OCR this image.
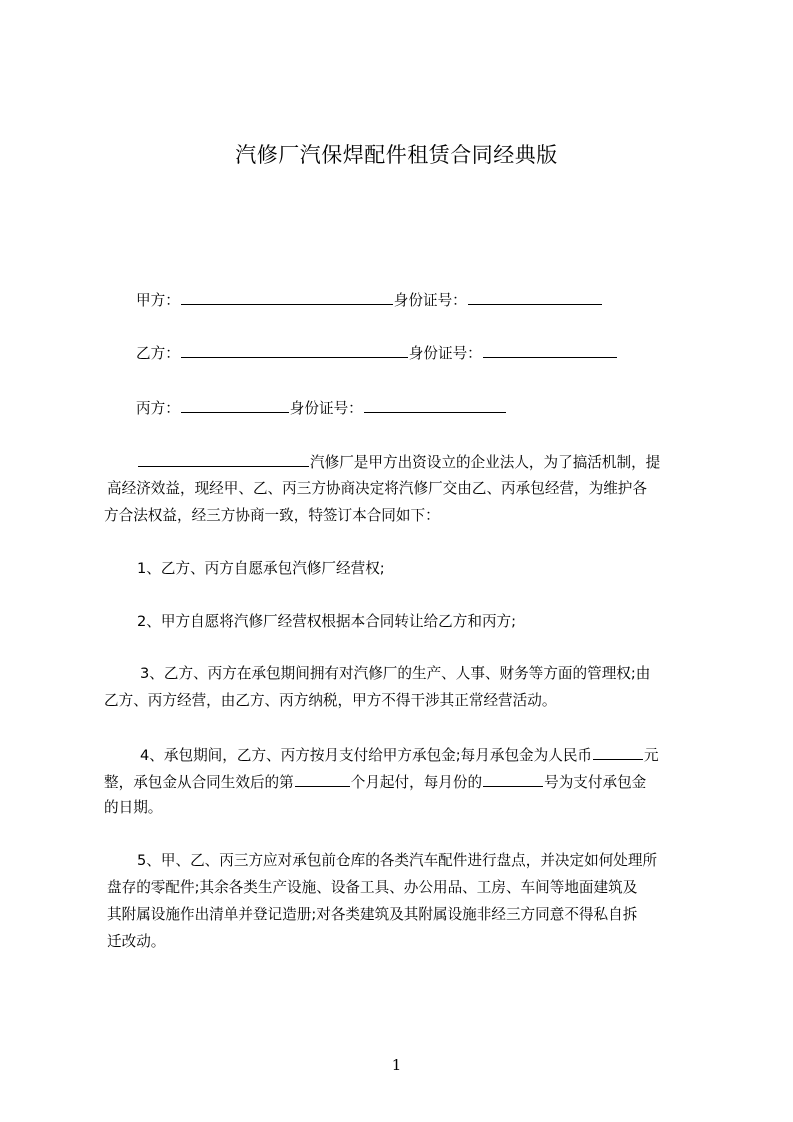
汽修厂汽保焊配件租赁合同经典版
甲方：	身份证号：
乙方：	身份证号：
丙方：	身份证号：
汽修厂是甲方出资设立的企业法人，为了搞活机制，提
高经济效益，现经甲、乙、丙三方协商决定将汽修厂交由乙、丙承包经营，为维护各
方合法权益，经三方协商一致，特签订本合同如下：
1、乙方、丙方自愿承包汽修厂经营权;
2、甲方自愿将汽修厂经营权根据本合同转让给乙方和丙方;
3、乙方、丙方在承包期间拥有对汽修厂的生产、人事、财务等方面的管理权;由
乙方、丙方经营，由乙方、丙方纳税，甲方不得干涉其正常经营活动。
4、承包期间，乙方、丙方按月支付给甲方承包金;每月承包金为人民币	元
整，承包金从合同生效后的第	个月起付，每月份的	号为支付承包金
的日期。
5、甲、乙、丙三方应对承包前仓库的各类汽车配件进行盘点，并决定如何处理所
盘存的零配件;其余各类生产设施、设备工具、办公用品、工房、车间等地面建筑及
其附属设施作出清单并登记造册;对各类建筑及其附属设施非经三方同意不得私自拆
迁改动。
1
